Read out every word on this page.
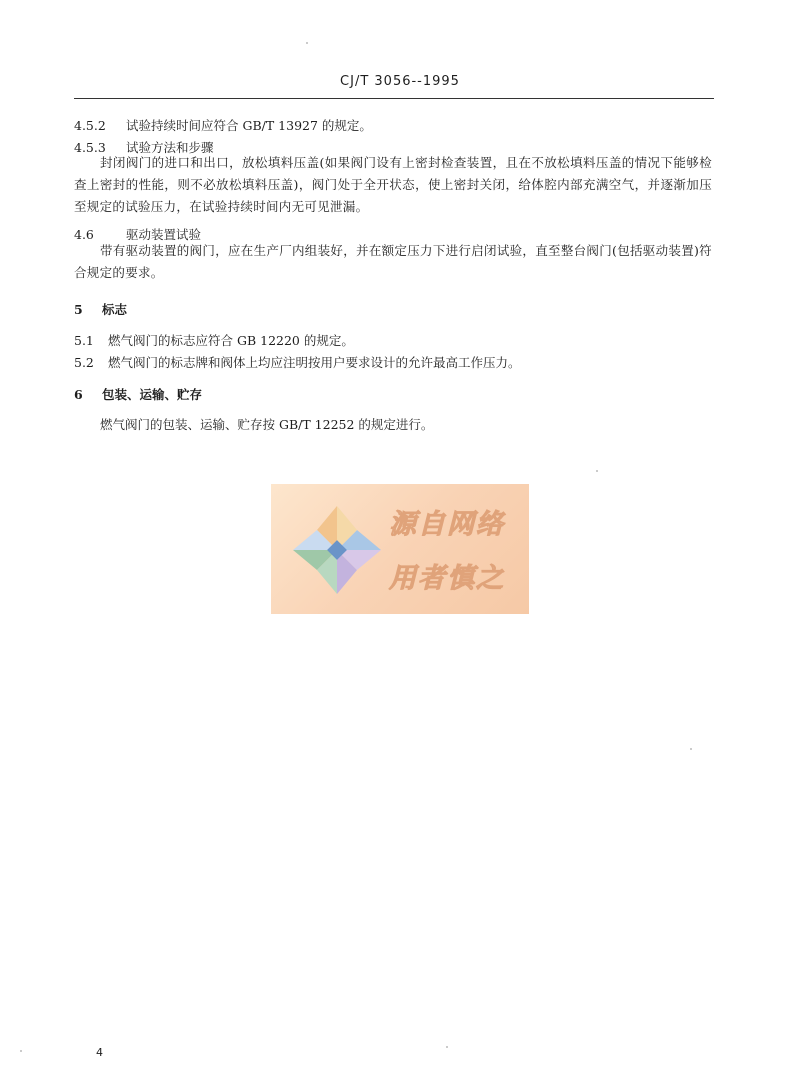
CJ/T 3056--1995
4.5.2 试验持续时间应符合 GB/T 13927 的规定。
4.5.3 试验方法和步骤
封闭阀门的进口和出口，放松填料压盖(如果阀门设有上密封检查装置，且在不放松填料压盖的情况下能够检查上密封的性能，则不必放松填料压盖)，阀门处于全开状态，使上密封关闭，给体腔内部充满空气，并逐渐加压至规定的试验压力，在试验持续时间内无可见泄漏。
4.6	驱动装置试验
带有驱动装置的阀门，应在生产厂内组装好，并在额定压力下进行启闭试验，直至整台阀门(包括驱动装置)符合规定的要求。
5 标志
5.1 燃气阀门的标志应符合 GB 12220 的规定。
5.2 燃气阀门的标志牌和阀体上均应注明按用户要求设计的允许最高工作压力。
6 包装、运输、贮存
燃气阀门的包装、运输、贮存按 GB/T 12252 的规定进行。
源自网络
用者慎之
4
